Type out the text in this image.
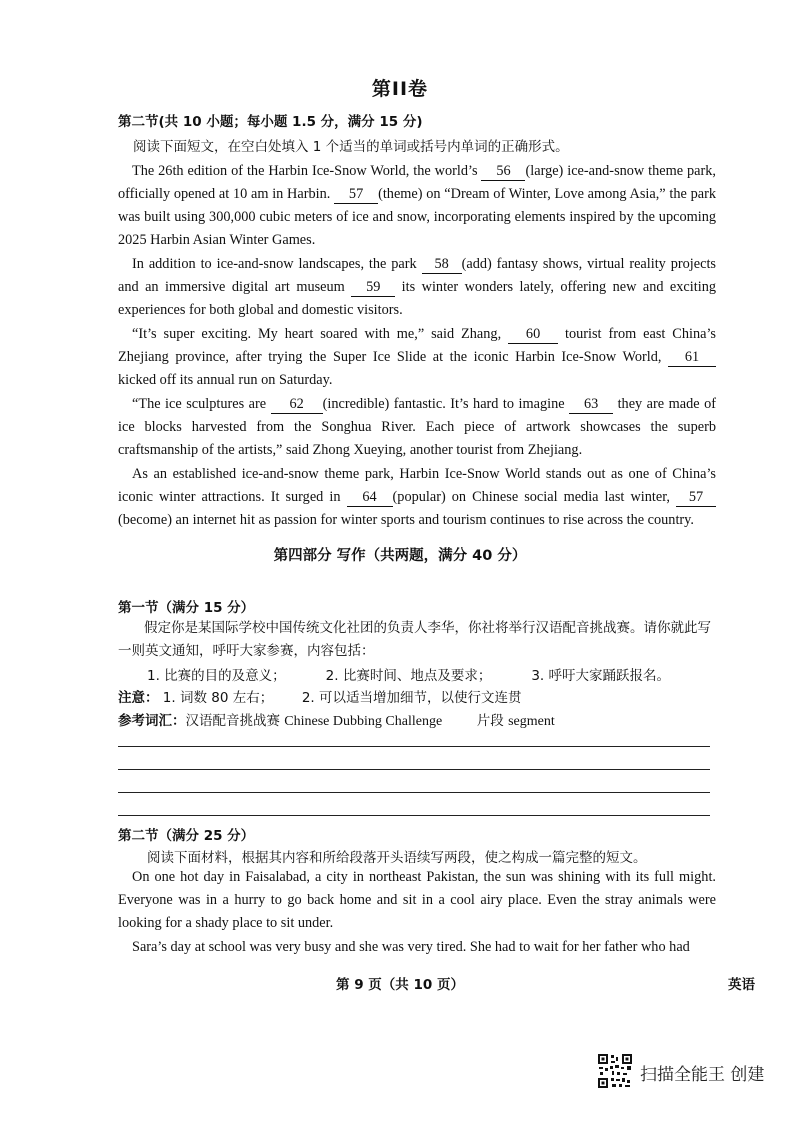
第II卷
第二节(共 10 小题；每小题 1.5 分，满分 15 分)
阅读下面短文，在空白处填入 1 个适当的单词或括号内单词的正确形式。

The 26th edition of the Harbin Ice-Snow World, the world’s 56 (large) ice-and-snow theme park, officially opened at 10 am in Harbin. 57 (theme) on “Dream of Winter, Love among Asia,” the park was built using 300,000 cubic meters of ice and snow, incorporating elements inspired by the upcoming 2025 Harbin Asian Winter Games.

In addition to ice-and-snow landscapes, the park 58 (add) fantasy shows, virtual reality projects and an immersive digital art museum 59 its winter wonders lately, offering new and exciting experiences for both global and domestic visitors.

“It’s super exciting. My heart soared with me,” said Zhang, 60 tourist from east China’s Zhejiang province, after trying the Super Ice Slide at the iconic Harbin Ice-Snow World, 61 kicked off its annual run on Saturday.

“The ice sculptures are 62 (incredible) fantastic. It’s hard to imagine 63 they are made of ice blocks harvested from the Songhua River. Each piece of artwork showcases the superb craftsmanship of the artists,” said Zhong Xueying, another tourist from Zhejiang.

As an established ice-and-snow theme park, Harbin Ice-Snow World stands out as one of China’s iconic winter attractions. It surged in 64 (popular) on Chinese social media last winter, 57(become) an internet hit as passion for winter sports and tourism continues to rise across the country.

第四部分 写作（共两题，满分 40 分）
第一节（满分 15 分）
假定你是某国际学校中国传统文化社团的负责人李华，你社将举行汉语配音挑战赛。请你就此写一则英文通知，呼吁大家参赛，内容包括：
1. 比赛的目的及意义；	2. 比赛时间、地点及要求；	3. 呼吁大家踊跃报名。
注意： 1. 词数 80 左右； 2. 可以适当增加细节，以使行文连贯
参考词汇：汉语配音挑战赛 Chinese Dubbing Challenge	片段 segment
第二节（满分 25 分）
阅读下面材料，根据其内容和所给段落开头语续写两段，使之构成一篇完整的短文。

On one hot day in Faisalabad, a city in northeast Pakistan, the sun was shining with its full might. Everyone was in a hurry to go back home and sit in a cool airy place. Even the stray animals were looking for a shady place to sit under.

Sara’s day at school was very busy and she was very tired. She had to wait for her father who had

第 9 页（共 10 页）	英语
扫描全能王 创建
